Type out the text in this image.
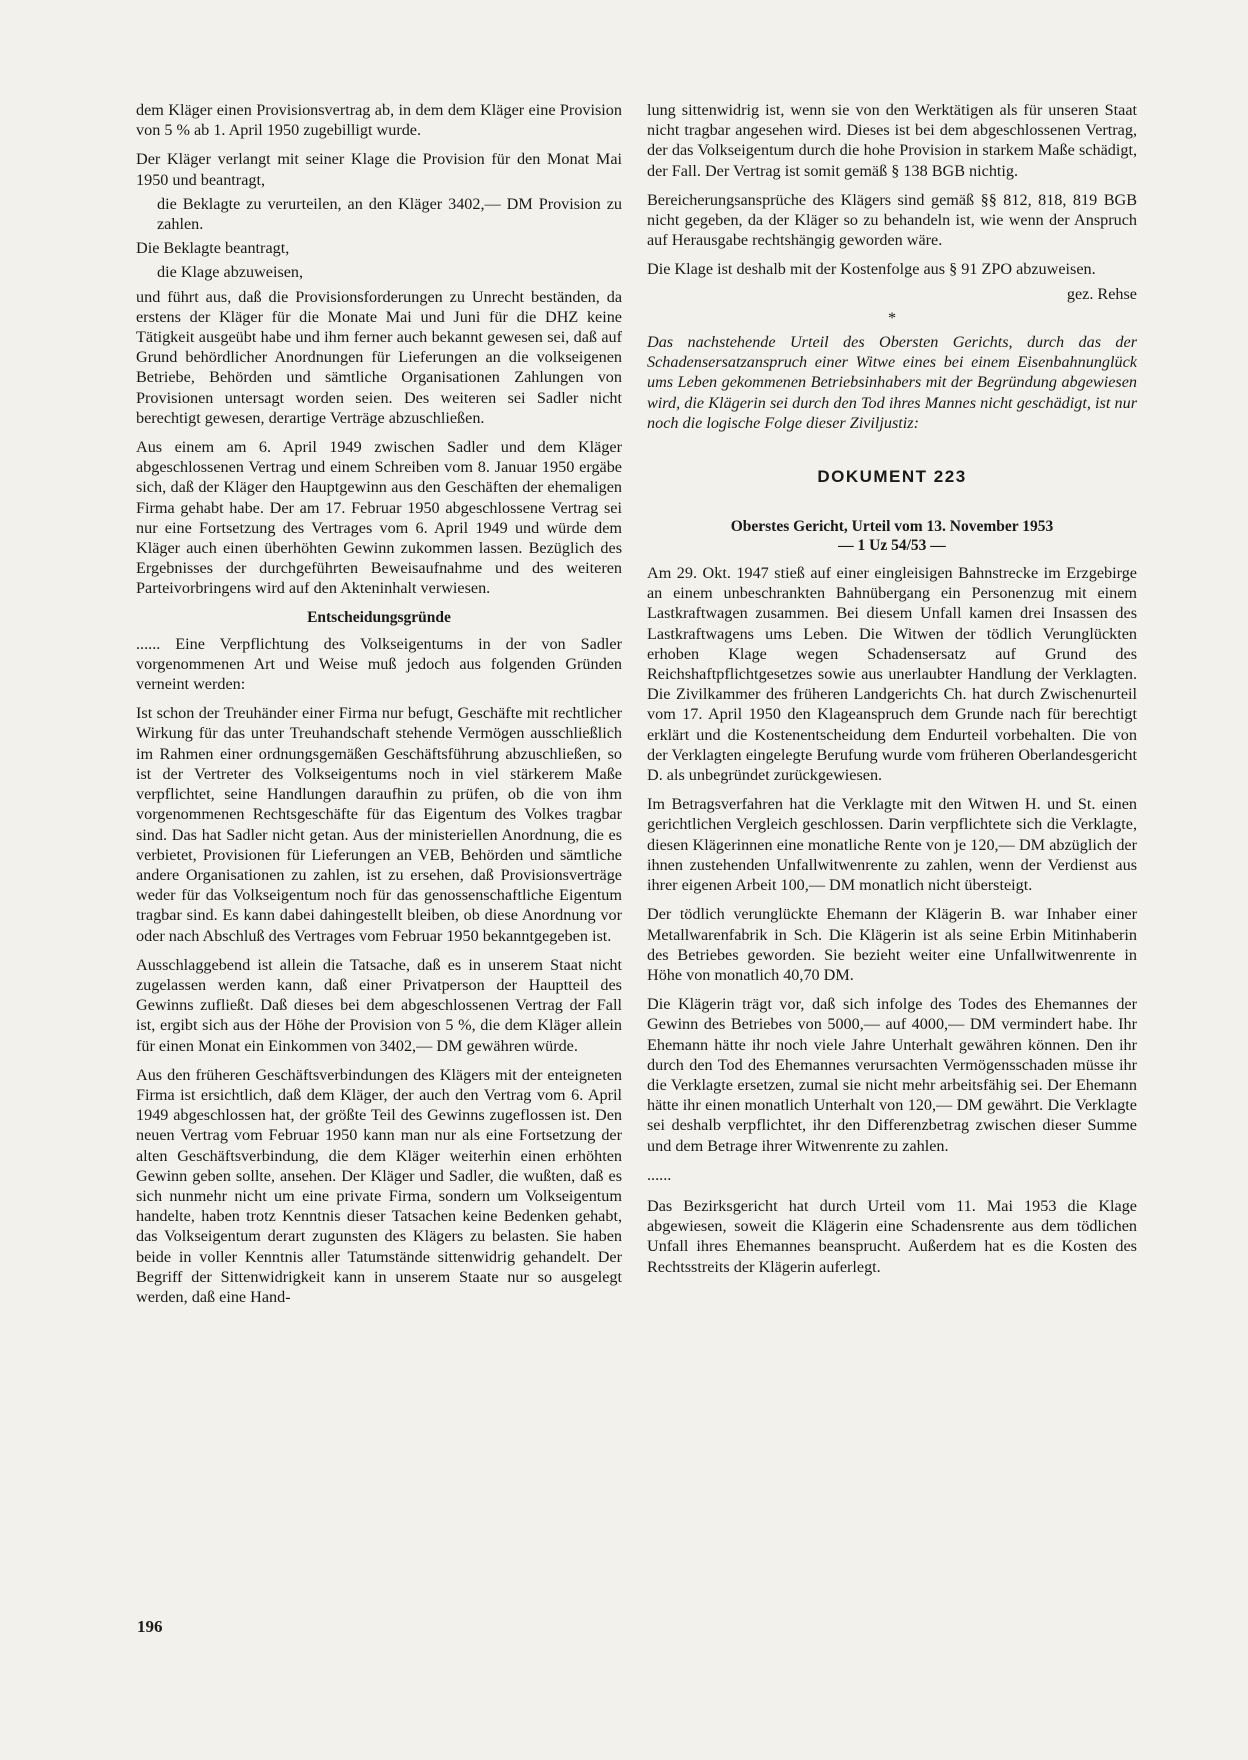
dem Kläger einen Provisionsvertrag ab, in dem dem Kläger eine Provision von 5 % ab 1. April 1950 zugebilligt wurde.

Der Kläger verlangt mit seiner Klage die Provision für den Monat Mai 1950 und beantragt,

die Beklagte zu verurteilen, an den Kläger 3402,— DM Provision zu zahlen.

Die Beklagte beantragt,

die Klage abzuweisen,

und führt aus, daß die Provisionsforderungen zu Unrecht beständen, da erstens der Kläger für die Monate Mai und Juni für die DHZ keine Tätigkeit ausgeübt habe und ihm ferner auch bekannt gewesen sei, daß auf Grund behördlicher Anordnungen für Lieferungen an die volkseigenen Betriebe, Behörden und sämtliche Organisationen Zahlungen von Provisionen untersagt worden seien. Des weiteren sei Sadler nicht berechtigt gewesen, derartige Verträge abzuschließen.

Aus einem am 6. April 1949 zwischen Sadler und dem Kläger abgeschlossenen Vertrag und einem Schreiben vom 8. Januar 1950 ergäbe sich, daß der Kläger den Hauptgewinn aus den Geschäften der ehemaligen Firma gehabt habe. Der am 17. Februar 1950 abgeschlossene Vertrag sei nur eine Fortsetzung des Vertrages vom 6. April 1949 und würde dem Kläger auch einen überhöhten Gewinn zukommen lassen. Bezüglich des Ergebnisses der durchgeführten Beweisaufnahme und des weiteren Parteivorbringens wird auf den Akteninhalt verwiesen.

Entscheidungsgründe

...... Eine Verpflichtung des Volkseigentums in der von Sadler vorgenommenen Art und Weise muß jedoch aus folgenden Gründen verneint werden:

Ist schon der Treuhänder einer Firma nur befugt, Geschäfte mit rechtlicher Wirkung für das unter Treuhandschaft stehende Vermögen ausschließlich im Rahmen einer ordnungsgemäßen Geschäftsführung abzuschließen, so ist der Vertreter des Volkseigentums noch in viel stärkerem Maße verpflichtet, seine Handlungen daraufhin zu prüfen, ob die von ihm vorgenommenen Rechtsgeschäfte für das Eigentum des Volkes tragbar sind. Das hat Sadler nicht getan. Aus der ministeriellen Anordnung, die es verbietet, Provisionen für Lieferungen an VEB, Behörden und sämtliche andere Organisationen zu zahlen, ist zu ersehen, daß Provisionsverträge weder für das Volkseigentum noch für das genossenschaftliche Eigentum tragbar sind. Es kann dabei dahingestellt bleiben, ob diese Anordnung vor oder nach Abschluß des Vertrages vom Februar 1950 bekanntgegeben ist.

Ausschlaggebend ist allein die Tatsache, daß es in unserem Staat nicht zugelassen werden kann, daß einer Privatperson der Hauptteil des Gewinns zufließt. Daß dieses bei dem abgeschlossenen Vertrag der Fall ist, ergibt sich aus der Höhe der Provision von 5 %, die dem Kläger allein für einen Monat ein Einkommen von 3402,— DM gewähren würde.

Aus den früheren Geschäftsverbindungen des Klägers mit der enteigneten Firma ist ersichtlich, daß dem Kläger, der auch den Vertrag vom 6. April 1949 abgeschlossen hat, der größte Teil des Gewinns zugeflossen ist. Den neuen Vertrag vom Februar 1950 kann man nur als eine Fortsetzung der alten Geschäftsverbindung, die dem Kläger weiterhin einen erhöhten Gewinn geben sollte, ansehen. Der Kläger und Sadler, die wußten, daß es sich nunmehr nicht um eine private Firma, sondern um Volkseigentum handelte, haben trotz Kenntnis dieser Tatsachen keine Bedenken gehabt, das Volkseigentum derart zugunsten des Klägers zu belasten. Sie haben beide in voller Kenntnis aller Tatumstände sittenwidrig gehandelt. Der Begriff der Sittenwidrigkeit kann in unserem Staate nur so ausgelegt werden, daß eine Hand-

lung sittenwidrig ist, wenn sie von den Werktätigen als für unseren Staat nicht tragbar angesehen wird. Dieses ist bei dem abgeschlossenen Vertrag, der das Volkseigentum durch die hohe Provision in starkem Maße schädigt, der Fall. Der Vertrag ist somit gemäß § 138 BGB nichtig.

Bereicherungsansprüche des Klägers sind gemäß §§ 812, 818, 819 BGB nicht gegeben, da der Kläger so zu behandeln ist, wie wenn der Anspruch auf Herausgabe rechtshängig geworden wäre.

Die Klage ist deshalb mit der Kostenfolge aus § 91 ZPO abzuweisen.

gez. Rehse

*

Das nachstehende Urteil des Obersten Gerichts, durch das der Schadensersatzanspruch einer Witwe eines bei einem Eisenbahnunglück ums Leben gekommenen Betriebsinhabers mit der Begründung abgewiesen wird, die Klägerin sei durch den Tod ihres Mannes nicht geschädigt, ist nur noch die logische Folge dieser Ziviljustiz:

DOKUMENT 223
Oberstes Gericht, Urteil vom 13. November 1953
— 1 Uz 54/53 —

Am 29. Okt. 1947 stieß auf einer eingleisigen Bahnstrecke im Erzgebirge an einem unbeschrankten Bahnübergang ein Personenzug mit einem Lastkraftwagen zusammen. Bei diesem Unfall kamen drei Insassen des Lastkraftwagens ums Leben. Die Witwen der tödlich Verunglückten erhoben Klage wegen Schadensersatz auf Grund des Reichshaftpflichtgesetzes sowie aus unerlaubter Handlung der Verklagten. Die Zivilkammer des früheren Landgerichts Ch. hat durch Zwischenurteil vom 17. April 1950 den Klageanspruch dem Grunde nach für berechtigt erklärt und die Kostenentscheidung dem Endurteil vorbehalten. Die von der Verklagten eingelegte Berufung wurde vom früheren Oberlandesgericht D. als unbegründet zurückgewiesen.

Im Betragsverfahren hat die Verklagte mit den Witwen H. und St. einen gerichtlichen Vergleich geschlossen. Darin verpflichtete sich die Verklagte, diesen Klägerinnen eine monatliche Rente von je 120,— DM abzüglich der ihnen zustehenden Unfallwitwenrente zu zahlen, wenn der Verdienst aus ihrer eigenen Arbeit 100,— DM monatlich nicht übersteigt.

Der tödlich verunglückte Ehemann der Klägerin B. war Inhaber einer Metallwarenfabrik in Sch. Die Klägerin ist als seine Erbin Mitinhaberin des Betriebes geworden. Sie bezieht weiter eine Unfallwitwenrente in Höhe von monatlich 40,70 DM.

Die Klägerin trägt vor, daß sich infolge des Todes des Ehemannes der Gewinn des Betriebes von 5000,— auf 4000,— DM vermindert habe. Ihr Ehemann hätte ihr noch viele Jahre Unterhalt gewähren können. Den ihr durch den Tod des Ehemannes verursachten Vermögensschaden müsse ihr die Verklagte ersetzen, zumal sie nicht mehr arbeitsfähig sei. Der Ehemann hätte ihr einen monatlich Unterhalt von 120,— DM gewährt. Die Verklagte sei deshalb verpflichtet, ihr den Differenzbetrag zwischen dieser Summe und dem Betrage ihrer Witwenrente zu zahlen.

......

Das Bezirksgericht hat durch Urteil vom 11. Mai 1953 die Klage abgewiesen, soweit die Klägerin eine Schadensrente aus dem tödlichen Unfall ihres Ehemannes beansprucht. Außerdem hat es die Kosten des Rechtsstreits der Klägerin auferlegt.

196
